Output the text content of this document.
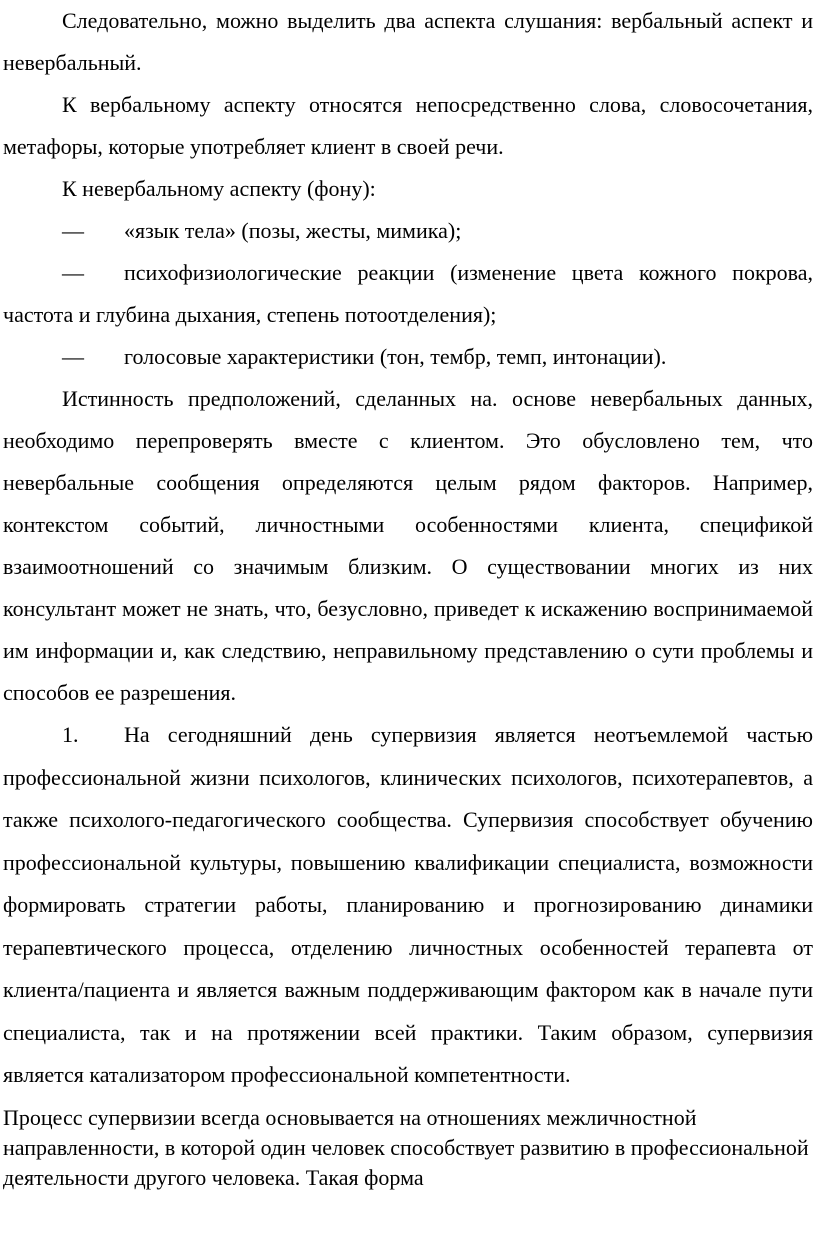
Следовательно, можно выделить два аспекта слушания: вербальный аспект и невербальный.

К вербальному аспекту относятся непосредственно слова, словосочетания, метафоры, которые употребляет клиент в своей речи.

К невербальному аспекту (фону):

— «язык тела» (позы, жесты, мимика);

— психофизиологические реакции (изменение цвета кожного покрова, частота и глубина дыхания, степень потоотделения);

— голосовые характеристики (тон, тембр, темп, интонации).

Истинность предположений, сделанных на. основе невербальных данных, необходимо перепроверять вместе с клиентом. Это обусловлено тем, что невербальные сообщения определяются целым рядом факторов. Например, контекстом событий, личностными особенностями клиента, спецификой взаимоотношений со значимым близким. О существовании многих из них консультант может не знать, что, безусловно, приведет к искажению воспринимаемой им информации и, как следствию, неправильному представлению о сути проблемы и способов ее разрешения.

1. На сегодняшний день супервизия является неотъемлемой частью профессиональной жизни психологов, клинических психологов, психотерапевтов, а также психолого-педагогического сообщества. Супервизия способствует обучению профессиональной культуры, повышению квалификации специалиста, возможности формировать стратегии работы, планированию и прогнозированию динамики терапевтического процесса, отделению личностных особенностей терапевта от клиента/пациента и является важным поддерживающим фактором как в начале пути специалиста, так и на протяжении всей практики. Таким образом, супервизия является катализатором профессиональной компетентности.

Процесс супервизии всегда основывается на отношениях межличностной направленности, в которой один человек способствует развитию в профессиональной деятельности другого человека. Такая форма
